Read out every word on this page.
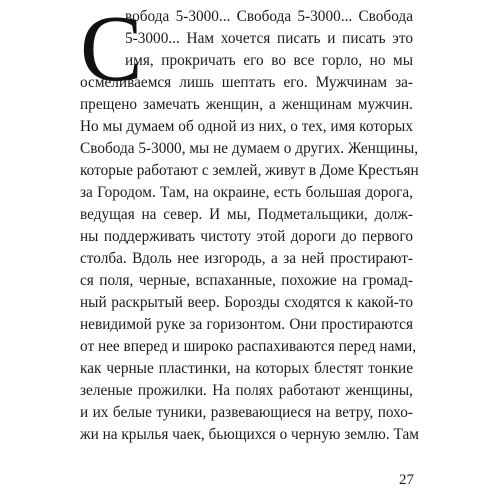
С
вобода 5-3000... Свобода 5-3000... Свобода
5-3000... Нам хочется писать и писать это
имя, прокричать его во все горло, но мы
осмеливаемся лишь шептать его. Мужчинам за-
прещено замечать женщин, а женщинам мужчин.
Но мы думаем об одной из них, о тех, имя которых
Свобода 5-3000, мы не думаем о других. Женщины,
которые работают с землей, живут в Доме Крестьян
за Городом. Там, на окраине, есть большая дорога,
ведущая на север. И мы, Подметальщики, долж-
ны поддерживать чистоту этой дороги до первого
столба. Вдоль нее изгородь, а за ней простирают-
ся поля, черные, вспаханные, похожие на громад-
ный раскрытый веер. Борозды сходятся к какой-то
невидимой руке за горизонтом. Они простираются
от нее вперед и широко распахиваются перед нами,
как черные пластинки, на которых блестят тонкие
зеленые прожилки. На полях работают женщины,
и их белые туники, развевающиеся на ветру, похо-
жи на крылья чаек, бьющихся о черную землю. Там
27
